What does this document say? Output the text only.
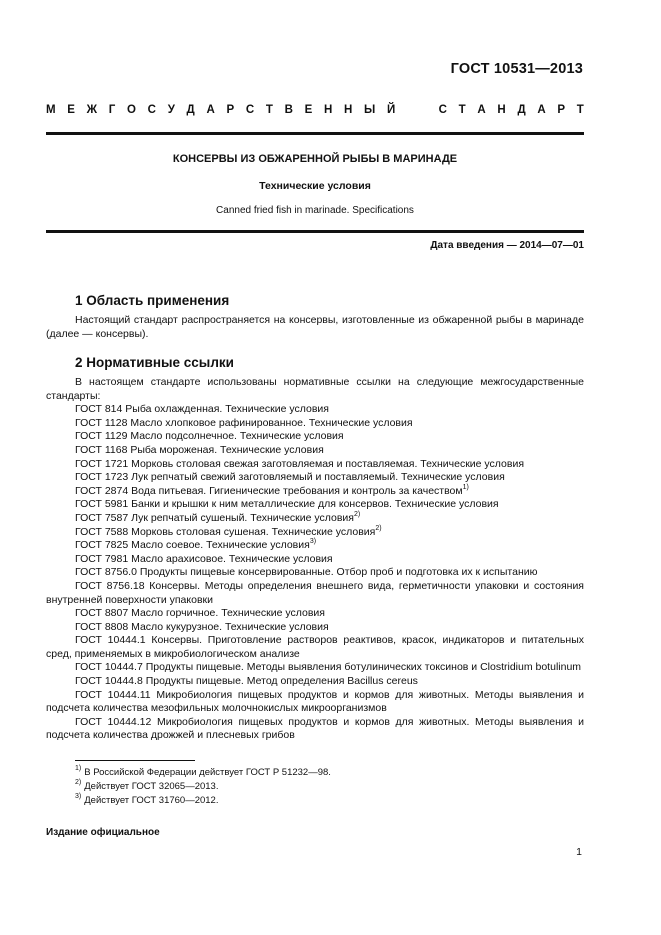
ГОСТ 10531—2013
М Е Ж Г О С У Д А Р С Т В Е Н Н Ы Й	С Т А Н Д А Р Т
КОНСЕРВЫ ИЗ ОБЖАРЕННОЙ РЫБЫ В МАРИНАДЕ
Технические условия
Canned fried fish in marinade. Specifications
Дата введения — 2014—07—01
1 Область применения

Настоящий стандарт распространяется на консервы, изготовленные из обжаренной рыбы в маринаде (далее — консервы).

2 Нормативные ссылки

В настоящем стандарте использованы нормативные ссылки на следующие межгосударственные стандарты:

ГОСТ 814 Рыба охлажденная. Технические условия

ГОСТ 1128 Масло хлопковое рафинированное. Технические условия

ГОСТ 1129 Масло подсолнечное. Технические условия

ГОСТ 1168 Рыба мороженая. Технические условия

ГОСТ 1721 Морковь столовая свежая заготовляемая и поставляемая. Технические условия

ГОСТ 1723 Лук репчатый свежий заготовляемый и поставляемый. Технические условия

ГОСТ 2874 Вода питьевая. Гигиенические требования и контроль за качеством$^{1)}$

ГОСТ 5981 Банки и крышки к ним металлические для консервов. Технические условия

ГОСТ 7587 Лук репчатый сушеный. Технические условия$^{2)}$

ГОСТ 7588 Морковь столовая сушеная. Технические условия$^{2)}$

ГОСТ 7825 Масло соевое. Технические условия$^{3)}$

ГОСТ 7981 Масло арахисовое. Технические условия

ГОСТ 8756.0 Продукты пищевые консервированные. Отбор проб и подготовка их к испытанию

ГОСТ 8756.18 Консервы. Методы определения внешнего вида, герметичности упаковки и состояния внутренней поверхности упаковки

ГОСТ 8807 Масло горчичное. Технические условия

ГОСТ 8808 Масло кукурузное. Технические условия

ГОСТ 10444.1 Консервы. Приготовление растворов реактивов, красок, индикаторов и питательных сред, применяемых в микробиологическом анализе

ГОСТ 10444.7 Продукты пищевые. Методы выявления ботулинических токсинов и Clostridium botulinum

ГОСТ 10444.8 Продукты пищевые. Метод определения Bacillus cereus

ГОСТ 10444.11 Микробиология пищевых продуктов и кормов для животных. Методы выявления и подсчета количества мезофильных молочнокислых микроорганизмов

ГОСТ 10444.12 Микробиология пищевых продуктов и кормов для животных. Методы выявления и подсчета количества дрожжей и плесневых грибов

$^{1)}$ В Российской Федерации действует ГОСТ Р 51232—98.
$^{2)}$ Действует ГОСТ 32065—2013.
$^{3)}$ Действует ГОСТ 31760—2012.
Издание официальное
1
